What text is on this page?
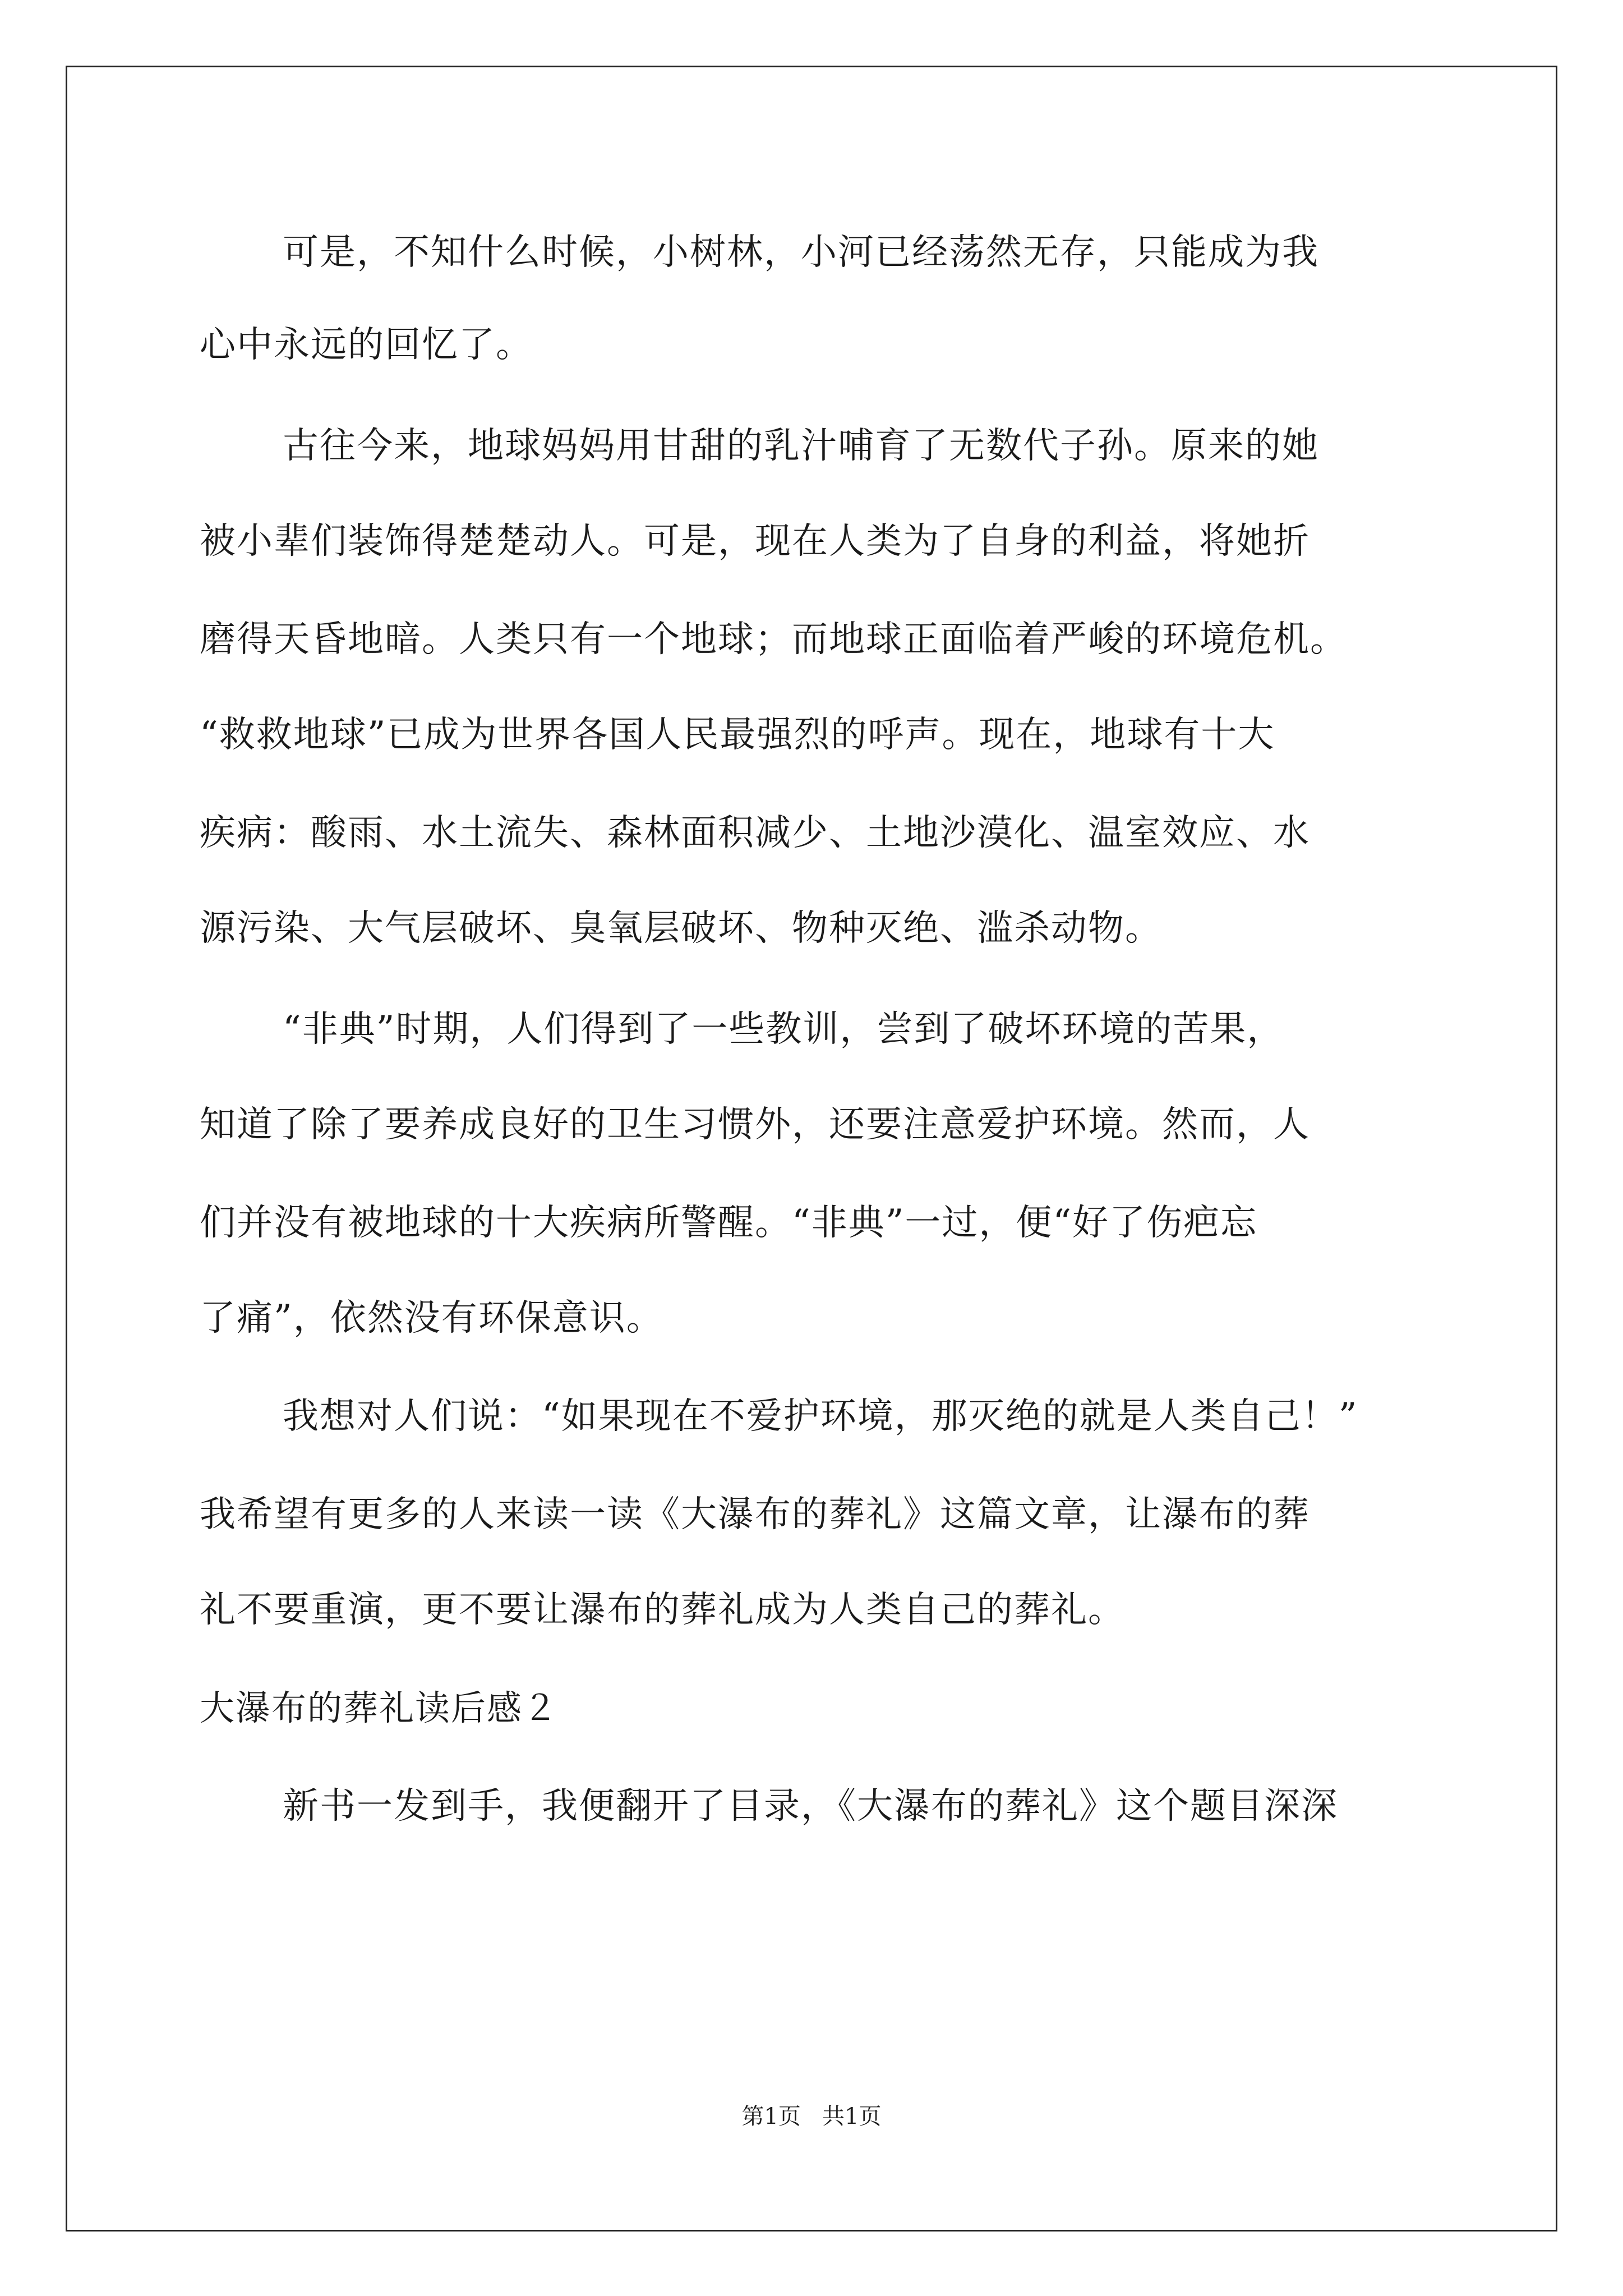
可是，不知什么时候，小树林，小河已经荡然无存，只能成为我
心中永远的回忆了。
古往今来，地球妈妈用甘甜的乳汁哺育了无数代子孙。原来的她
被小辈们装饰得楚楚动人。可是，现在人类为了自身的利益，将她折
磨得天昏地暗。人类只有一个地球；而地球正面临着严峻的环境危机。
“救救地球”已成为世界各国人民最强烈的呼声。现在，地球有十大
疾病：酸雨、水土流失、森林面积减少、土地沙漠化、温室效应、水
源污染、大气层破坏、臭氧层破坏、物种灭绝、滥杀动物。
“非典”时期，人们得到了一些教训，尝到了破坏环境的苦果，
知道了除了要养成良好的卫生习惯外，还要注意爱护环境。然而，人
们并没有被地球的十大疾病所警醒。“非典”一过，便“好了伤疤忘
了痛”，依然没有环保意识。
我想对人们说：“如果现在不爱护环境，那灭绝的就是人类自己！”
我希望有更多的人来读一读《大瀑布的葬礼》这篇文章，让瀑布的葬
礼不要重演，更不要让瀑布的葬礼成为人类自己的葬礼。
大瀑布的葬礼读后感２
新书一发到手，我便翻开了目录，《大瀑布的葬礼》这个题目深深
第1页   共1页
